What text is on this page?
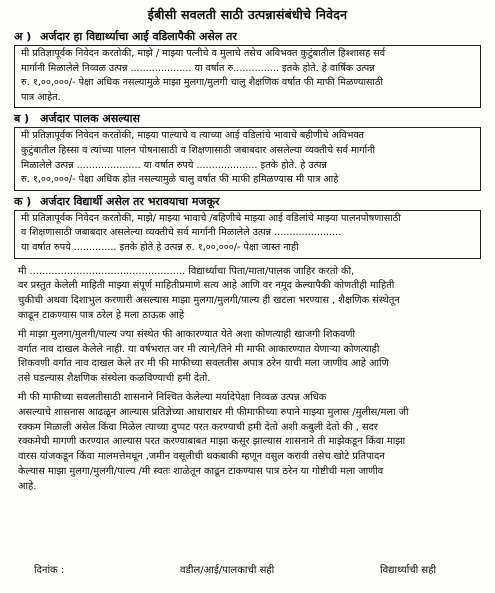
ईबीसी सवलती साठी उत्पन्नासंबंधीचे निवेदन
अ ) अर्जदार हा विद्यार्थ्याचा आई वडिलापैकी असेल तर
मी प्रतिज्ञापूर्वक निवेदन करतोकी, माझे / माझ्या पत्नीचे व मुलाचे तसेच अविभक्त कुटुंबातील हिश्शासह सर्व
मार्गानी मिळालेले निव्वळ उत्पन्न .................... या वर्षात रु............... इतके होते. हे वार्षिक उत्पन्न
रु. १,००,०००/- पेक्षा अधिक नसल्यामुळे माझा मुलगा/मुलगी चालु शैक्षणिक वर्षात फी माफी मिळण्यासाठी
पात्र आहेत.
ब ) अर्जदार पालक असल्यास
मी प्रतिज्ञापूर्वक निवेदन करतोकी, माझ्या पाल्याचे व त्याच्या आई वडिलांचे भावाचे बहीणीचे अविभक्त
कुटुंबातील हिस्सा व त्यांच्या पालन पोषनासाठी व शिक्षणासाठी जबाबदार असलेल्या व्यक्तीचे सर्व मार्गानी
मिळालेले उत्पन्न ..................... या वर्षात रुपये .................... इतके होते. हे उत्पन्न
रु. १,००,०००/- पेक्षा अधिक होत नसल्यामुळे चालु वर्षात फी माफी हमिळण्यास मी पात्र आहे
क ) अर्जदार विद्यार्थी असेल तर भरावयाचा मजकूर
मी प्रतिज्ञापूर्वक निवेदन करतोकी, माझे/ माझ्या भावाचे /बहिणीचे माझ्या आई वडिलांचे माझ्या पालनपोषणासाठी
व शिक्षणासाठी जबाबदार असलेल्या व्यक्तीचे सर्व मार्गानी मिळालेले उत्पन्न ......................
या वर्षात रुपये .............. इतके होते हे उत्पन्न रु. १,००,०००/- पेक्षा जास्त नाही

मी .................................................. विद्यार्थ्याचा पिता/माता/पालक जाहिर करतो की,
वर प्रस्तुत केलेली माहिती माझ्या संपूर्ण माहितीप्रमाणे सत्य आहे आणि वर नमूद केल्यापैकी कोणतीही माहिती
चुकीची अथवा दिशाभुल करणारी असल्यास माझा मुलगा/मुलगी/पाल्य ही खटला भरण्यास , शैक्षणिक संस्थेतून
काढून टाकण्यास पात्र ठरेल हे मला ठाऊक आहे

मी माझा मुलगा/मुलगी/पाल्य ज्या संस्थेत फी आकारण्यात येते अशा कोणत्याही खाजगी शिकवणी
वर्गात नाव दाखल केलेले नाही. या वर्षभरात जर मी त्याने/तिने मी माफी आकारण्यात येणाऱ्या कोणत्याही
शिकवणी वर्गात नाव दाखल केले तर मी फी माफीच्या सवलतीस अपात्र ठरेन याची मला जाणीव आहे आणि
तसे घडल्यास शैक्षणिक संस्थेला कळविण्याची हमी देतो.

मी फी माफीच्या सवलतीसाठी शासनाने निश्चित केलेल्या मर्यादेपेक्षा निव्वळ उत्पन्न अधिक
असल्याचे शासनास आढळून आल्यास प्रतिज्ञेच्या आधाराधर मी फीमाफीच्या रुपाने माझ्या मुलास /मुलीस/मला जी
रक्कम मिळाली असेल किंवा मिळेल त्याच्या दुप्पट परत करण्याची हमी देतो अशी कबुली देतो की , सदर
रक्कमेची मागणी करण्यात आल्यास परत करण्याबाबत माझा कसूर झाल्यास शासनाने ती माझेकडून किंवा माझा
वारस यांजकडून किंवा मालमत्तेमधून ,जमीन वसूलीची थकबाकी म्हणून वसुल करावी तसेच खोटे प्रतिपादन
केल्यास माझा मुलगा/मुलगी/पाल्य /मी स्वतः शाळेतून काढून टाकण्यास पात्र ठरेन या गोष्टीची मला जाणीव
आहे.

दिनांक :	वडील/आई/पालकाची सही	विद्यार्थ्याची सही
